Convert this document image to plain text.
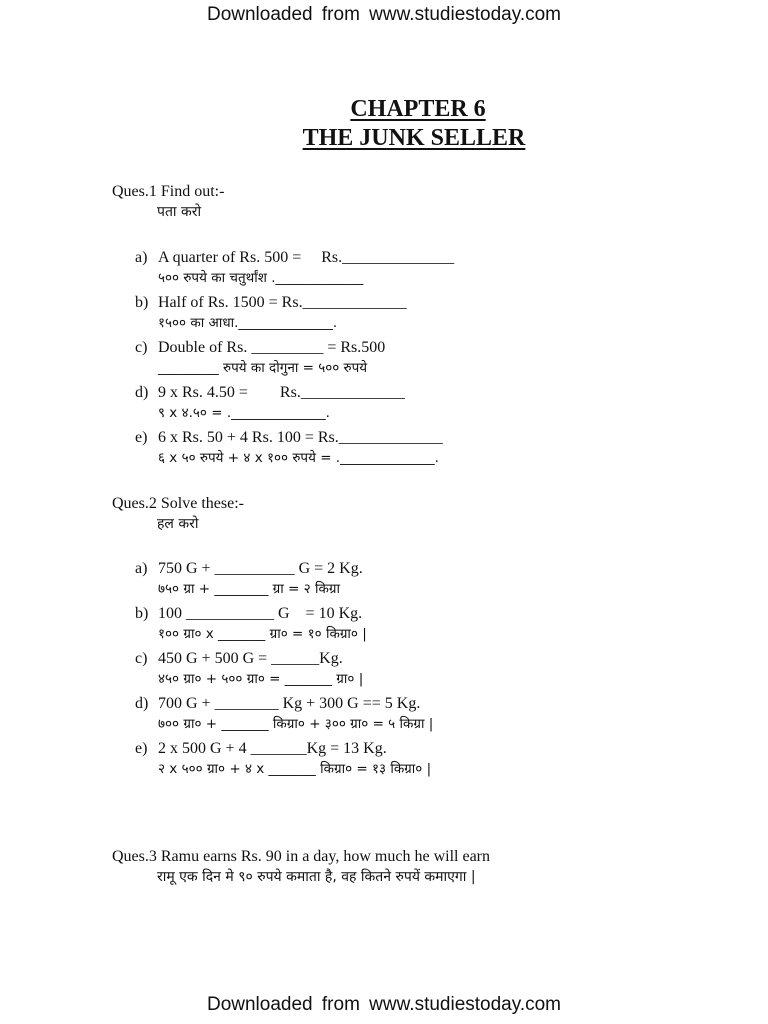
Downloaded from www.studiestoday.com
CHAPTER 6
THE JUNK SELLER
Ques.1 Find out:-
पता करो
a) A quarter of Rs. 500 =     Rs.______________
५०० रुपये का चतुर्थांश ._____________
b) Half of Rs. 1500 = Rs._____________
१५०० का आधा.______________.
c) Double of Rs. _________ = Rs.500
_________ रुपये का दोगुना = ५०० रुपये
d) 9 x Rs. 4.50 =        Rs._____________
९ x ४.५० = .______________.
e) 6 x Rs. 50 + 4 Rs. 100 = Rs._____________
६ x ५० रुपये + ४ x १०० रुपये = .______________.
Ques.2 Solve these:-
हल करो
a) 750 G + __________ G = 2 Kg.
७५० ग्रा + ________ ग्रा = २ किग्रा
b) 100 ___________ G    = 10 Kg.
१०० ग्रा० x _______ ग्रा० = १० किग्रा० |
c) 450 G + 500 G = ______Kg.
४५० ग्रा० + ५०० ग्रा० = _______ ग्रा० |
d) 700 G + ________ Kg + 300 G == 5 Kg.
७०० ग्रा० + _______ किग्रा० + ३०० ग्रा० = ५ किग्रा |
e) 2 x 500 G + 4 _______Kg = 13 Kg.
२ x ५०० ग्रा० + ४ x _______ किग्रा० = १३ किग्रा० |
Ques.3 Ramu earns Rs. 90 in a day, how much he will earn
रामू एक दिन मे ९० रुपये कमाता है, वह कितने रुपयें कमाएगा |
Downloaded from www.studiestoday.com
